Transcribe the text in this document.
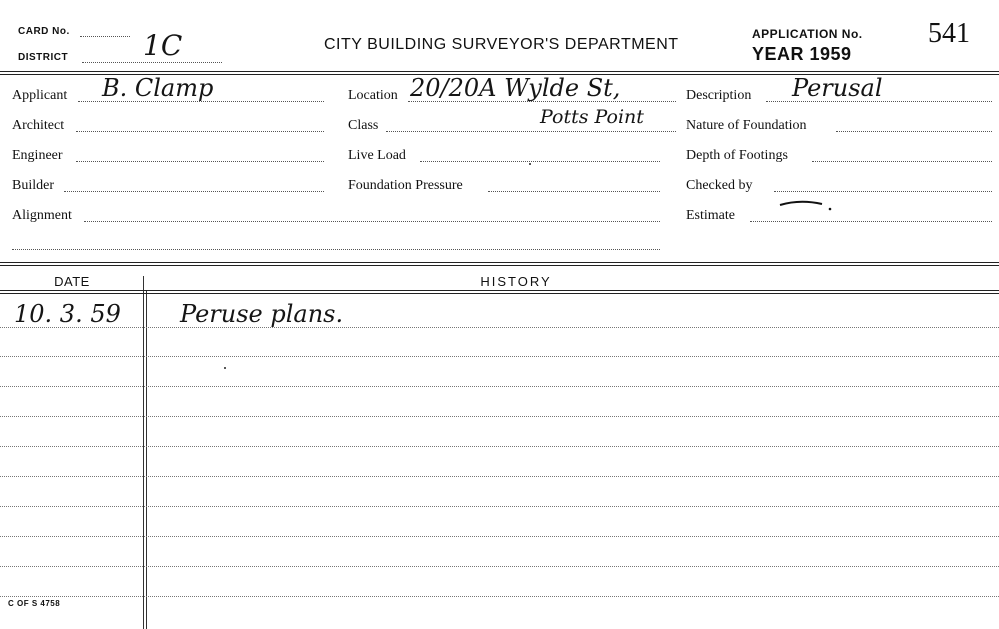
CARD No.
DISTRICT	1C	CITY BUILDING SURVEYOR'S DEPARTMENT
APPLICATION No.
YEAR 1959
541
Applicant B. Clamp
Architect
Engineer
Builder
Alignment
Location 20/20A Wylde St,
Class	Potts Point
Live Load
Foundation Pressure
Description Perusal
Nature of Foundation
Depth of Footings
Checked by
Estimate
DATE	HISTORY
10. 3. 59 Peruse plans.
C OF S 4758
